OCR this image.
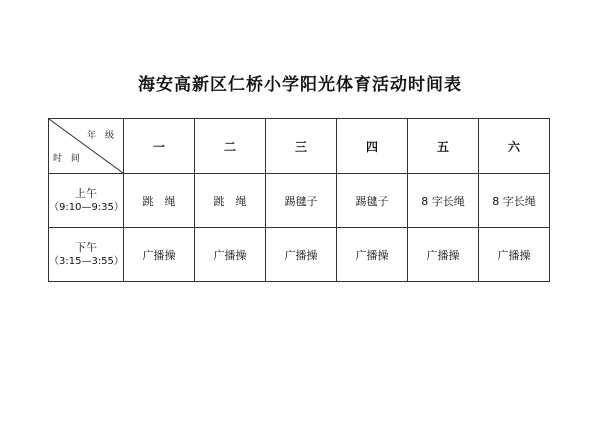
海安高新区仁桥小学阳光体育活动时间表
年 级
时 间	一	二	三	四	五	六

上午
（9:10—9:35）	跳　绳	跳　绳	踢毽子	踢毽子	8 字长绳	8 字长绳

下午
（3:15—3:55）	广播操	广播操	广播操	广播操	广播操	广播操
